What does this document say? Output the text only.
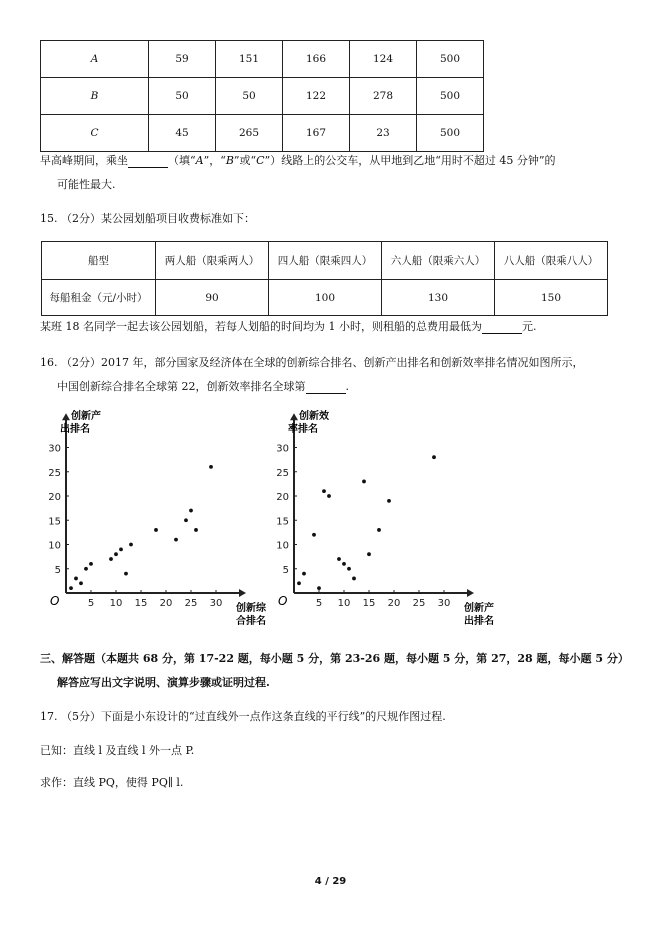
A	59	151	166	124	500
B	50	50	122	278	500
C	45	265	167	23	500
早高峰期间，乘坐	（填“A”，“B”或“C”）线路上的公交车，从甲地到乙地“用时不超过 45 分钟”的
可能性最大.
15. （2分）某公园划船项目收费标准如下：
船型	两人船（限乘两人）	四人船（限乘四人）	六人船（限乘六人）	八人船（限乘八人）
每船租金（元/小时）	90	100	130	150
某班 18 名同学一起去该公园划船，若每人划船的时间均为 1 小时，则租船的总费用最低为	元.
16. （2分）2017 年，部分国家及经济体在全球的创新综合排名、创新产出排名和创新效率排名情况如图所示，
中国创新综合排名全球第 22，创新效率排名全球第	.
O	5 10 15 20 25 30
5
10
15
20
25
30
创新产
出排名
创新综
合排名
O	5 10 15 20 25 30
5
10
15
20
25
30
创新效
率排名
创新产
出排名
三、解答题（本题共 68 分，第 17-22 题，每小题 5 分，第 23-26 题，每小题 5 分，第 27，28 题，每小题 5 分）
解答应写出文字说明、演算步骤或证明过程.
17. （5分）下面是小东设计的“过直线外一点作这条直线的平行线”的尺规作图过程.
已知：直线 l 及直线 l 外一点 P.
求作：直线 PQ，使得 PQ∥ l.
4 / 29
